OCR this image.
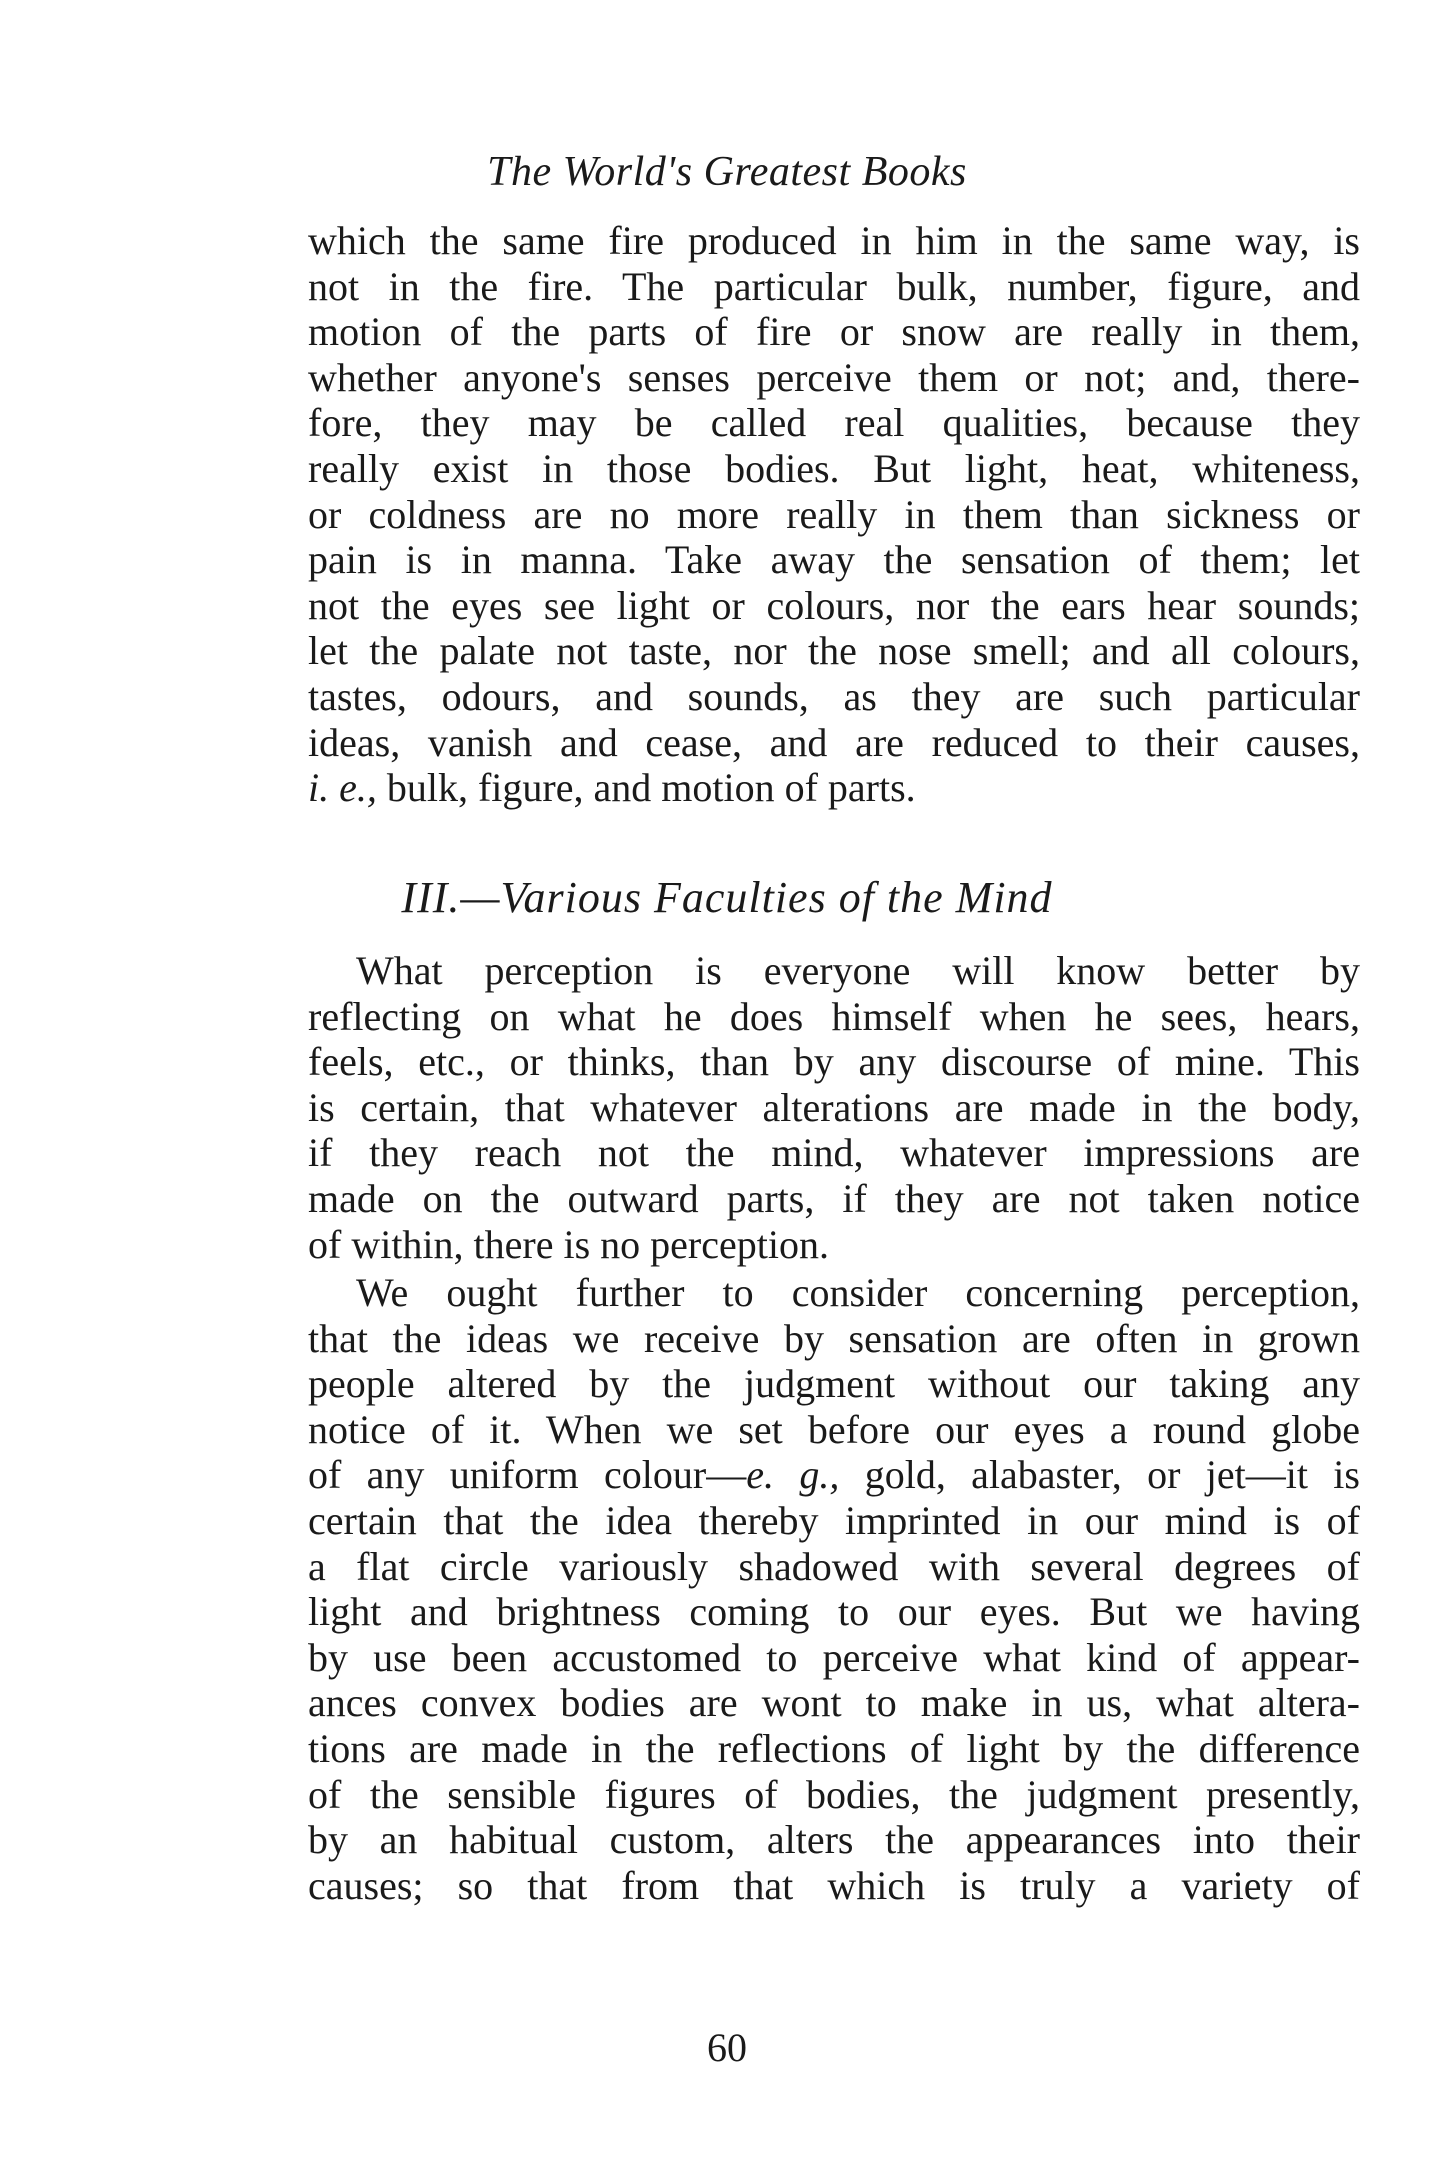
The World's Greatest Books
which the same fire produced in him in the same way, is
not in the fire. The particular bulk, number, figure, and
motion of the parts of fire or snow are really in them,
whether anyone's senses perceive them or not; and, there-
fore, they may be called real qualities, because they
really exist in those bodies. But light, heat, whiteness,
or coldness are no more really in them than sickness or
pain is in manna. Take away the sensation of them; let
not the eyes see light or colours, nor the ears hear sounds;
let the palate not taste, nor the nose smell; and all colours,
tastes, odours, and sounds, as they are such particular
ideas, vanish and cease, and are reduced to their causes,
i. e., bulk, figure, and motion of parts.
III.—Various Faculties of the Mind
What perception is everyone will know better by
reflecting on what he does himself when he sees, hears,
feels, etc., or thinks, than by any discourse of mine. This
is certain, that whatever alterations are made in the body,
if they reach not the mind, whatever impressions are
made on the outward parts, if they are not taken notice
of within, there is no perception.
We ought further to consider concerning perception,
that the ideas we receive by sensation are often in grown
people altered by the judgment without our taking any
notice of it. When we set before our eyes a round globe
of any uniform colour—e. g., gold, alabaster, or jet—it is
certain that the idea thereby imprinted in our mind is of
a flat circle variously shadowed with several degrees of
light and brightness coming to our eyes. But we having
by use been accustomed to perceive what kind of appear-
ances convex bodies are wont to make in us, what altera-
tions are made in the reflections of light by the difference
of the sensible figures of bodies, the judgment presently,
by an habitual custom, alters the appearances into their
causes; so that from that which is truly a variety of
60
